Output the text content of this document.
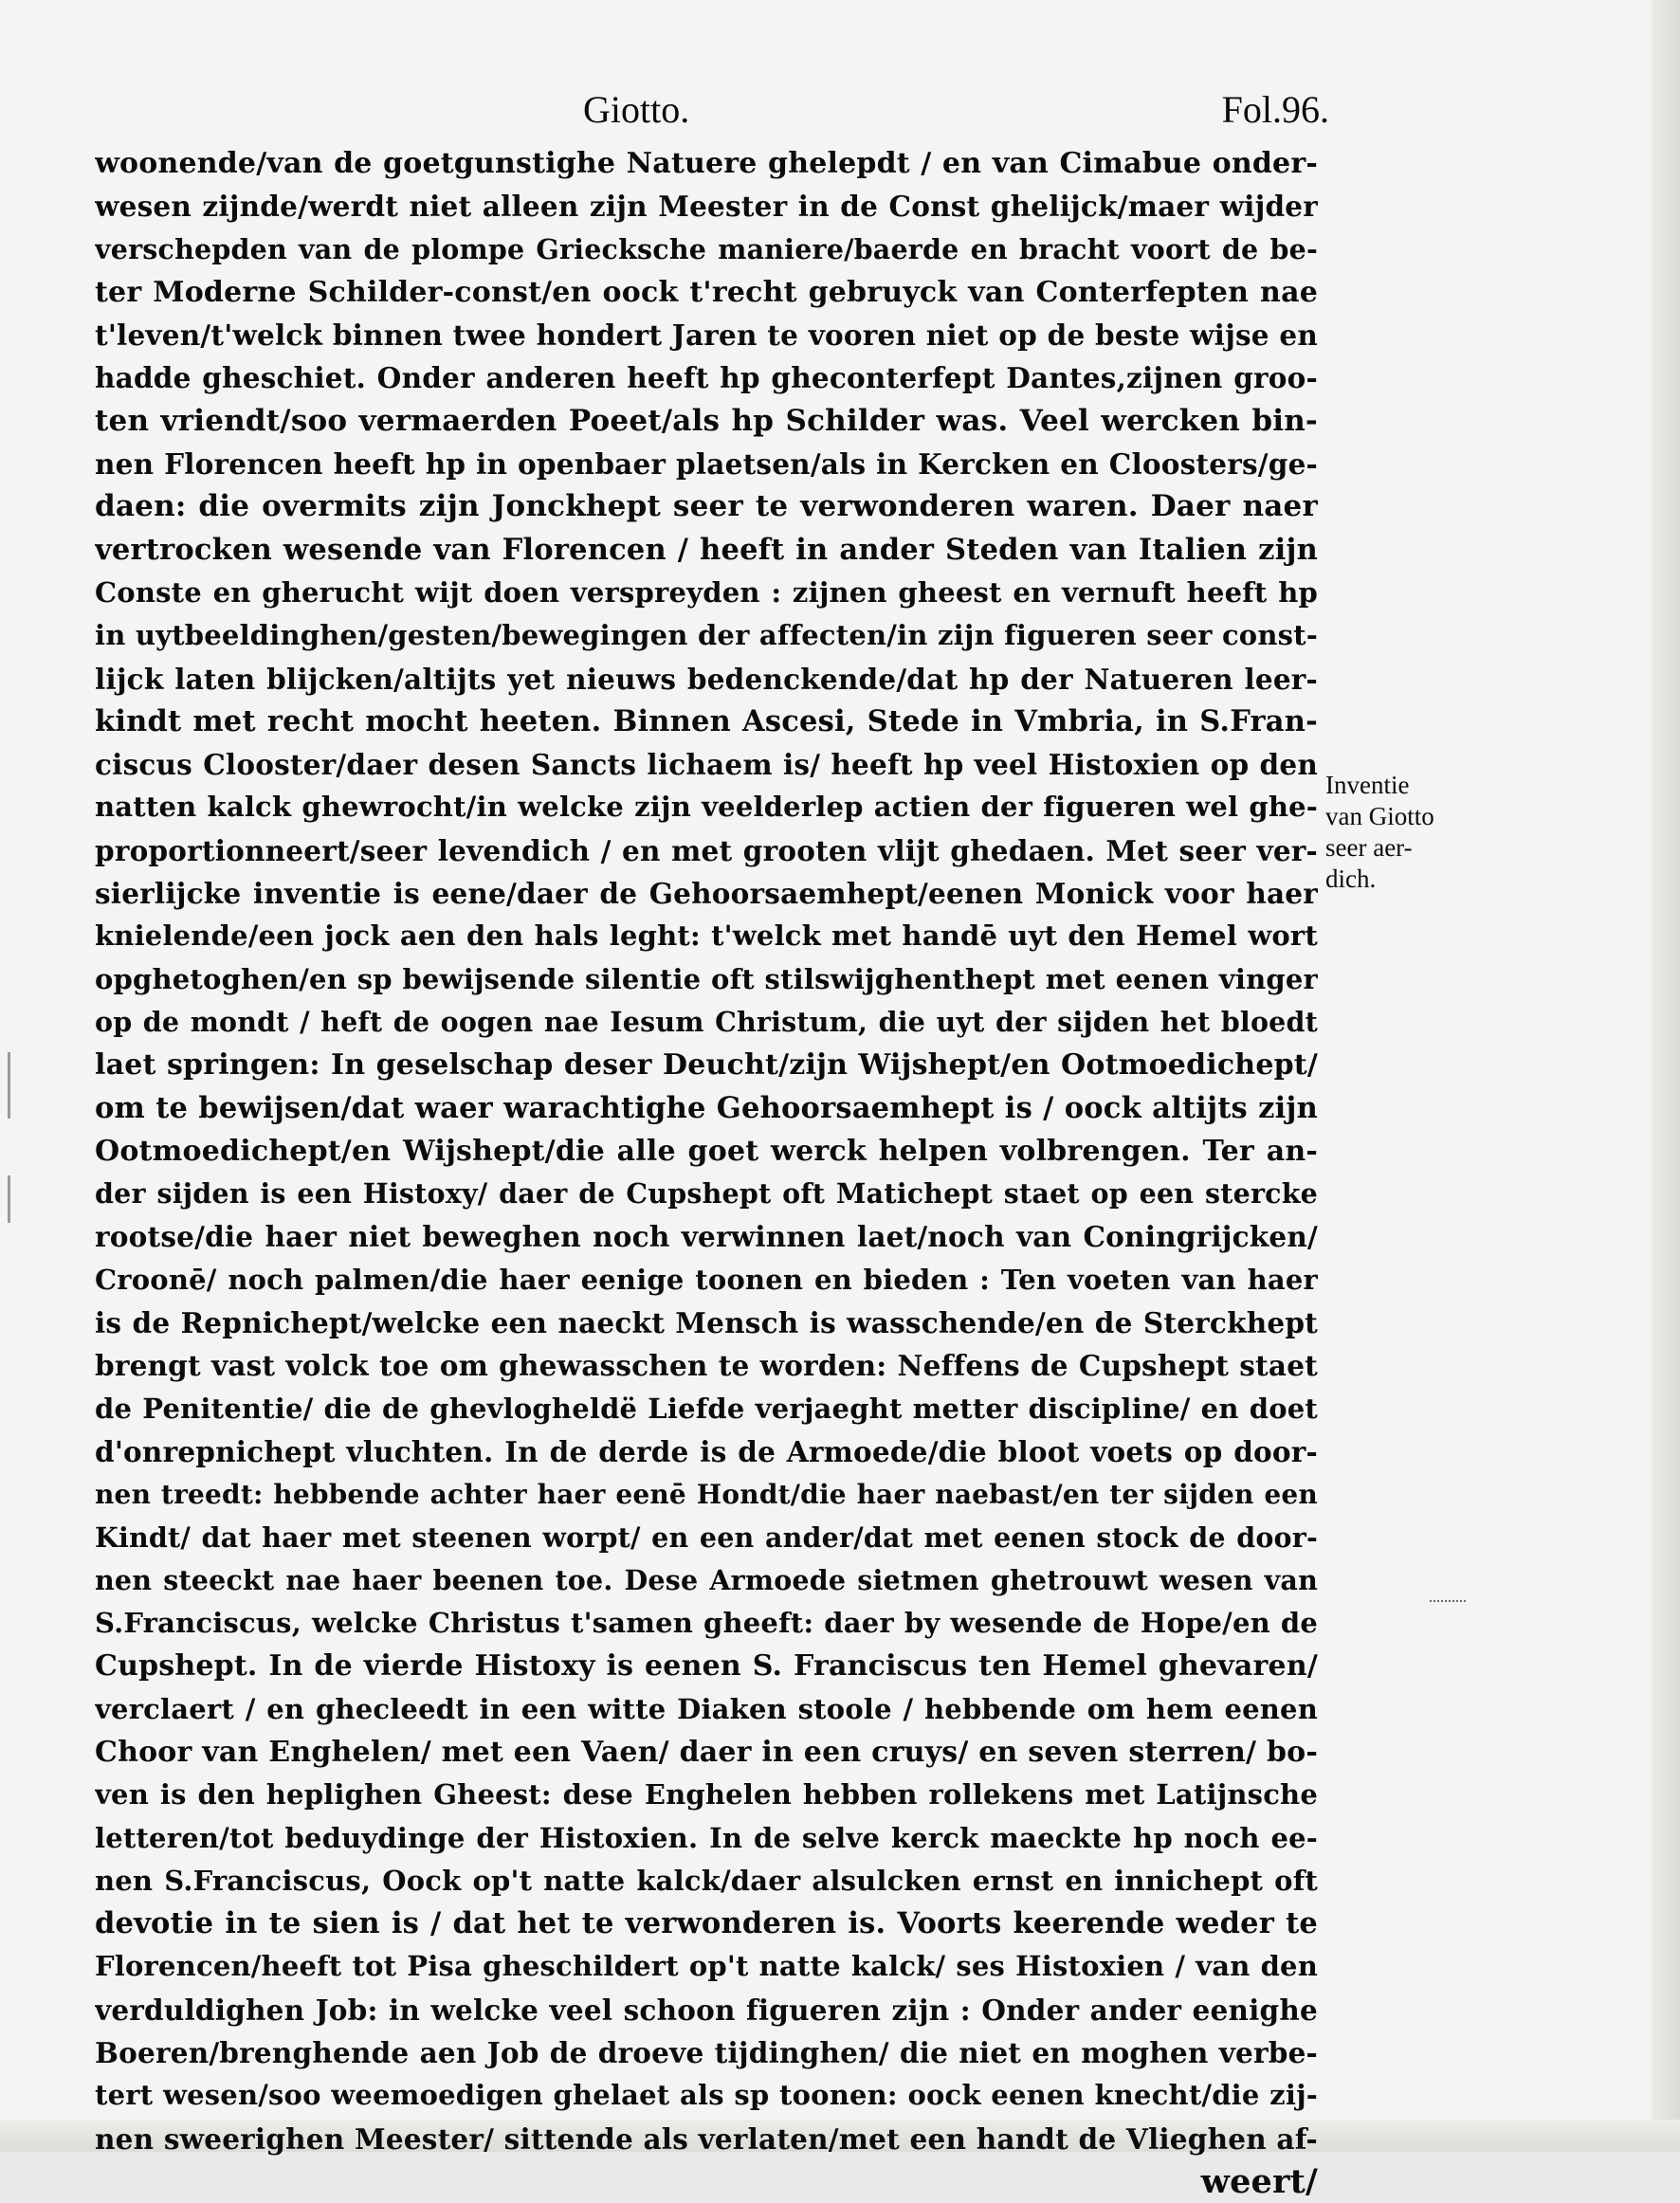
Giotto.	Fol.96.
woonende/van de goetgunstighe Natuere ghelepdt / en van Cimabue onder-
wesen zijnde/werdt niet alleen zijn Meester in de Const ghelijck/maer wijder
verschepden van de plompe Griecksche maniere/baerde en bracht voort de be-
ter Moderne Schilder-const/en oock t'recht gebruyck van Conterfepten nae
t'leven/t'welck binnen twee hondert Jaren te vooren niet op de beste wijse en
hadde gheschiet. Onder anderen heeft hp gheconterfept Dantes,zijnen groo-
ten vriendt/soo vermaerden Poeet/als hp Schilder was. Veel wercken bin-
nen Florencen heeft hp in openbaer plaetsen/als in Kercken en Cloosters/ge-
daen: die overmits zijn Jonckhept seer te verwonderen waren. Daer naer
vertrocken wesende van Florencen / heeft in ander Steden van Italien zijn
Conste en gherucht wijt doen verspreyden : zijnen gheest en vernuft heeft hp
in uytbeeldinghen/gesten/bewegingen der affecten/in zijn figueren seer const-
lijck laten blijcken/altijts yet nieuws bedenckende/dat hp der Natueren leer-
kindt met recht mocht heeten. Binnen Ascesi, Stede in Vmbria, in S.Fran-
ciscus Clooster/daer desen Sancts lichaem is/ heeft hp veel Histoxien op den
natten kalck ghewrocht/in welcke zijn veelderlep actien der figueren wel ghe-
proportionneert/seer levendich / en met grooten vlijt ghedaen. Met seer ver-
sierlijcke inventie is eene/daer de Gehoorsaemhept/eenen Monick voor haer
knielende/een jock aen den hals leght: t'welck met handē uyt den Hemel wort
opghetoghen/en sp bewijsende silentie oft stilswijghenthept met eenen vinger
op de mondt / heft de oogen nae Iesum Christum, die uyt der sijden het bloedt
laet springen: In geselschap deser Deucht/zijn Wijshept/en Ootmoedichept/
om te bewijsen/dat waer warachtighe Gehoorsaemhept is / oock altijts zijn
Ootmoedichept/en Wijshept/die alle goet werck helpen volbrengen. Ter an-
der sijden is een Histoxy/ daer de Cupshept oft Matichept staet op een stercke
rootse/die haer niet beweghen noch verwinnen laet/noch van Coningrijcken/
Croonē/ noch palmen/die haer eenige toonen en bieden : Ten voeten van haer
is de Repnichept/welcke een naeckt Mensch is wasschende/en de Sterckhept
brengt vast volck toe om ghewasschen te worden: Neffens de Cupshept staet
de Penitentie/ die de ghevlogheldë Liefde verjaeght metter discipline/ en doet
d'onrepnichept vluchten. In de derde is de Armoede/die bloot voets op door-
nen treedt: hebbende achter haer eenē Hondt/die haer naebast/en ter sijden een
Kindt/ dat haer met steenen worpt/ en een ander/dat met eenen stock de door-
nen steeckt nae haer beenen toe. Dese Armoede sietmen ghetrouwt wesen van
S.Franciscus, welcke Christus t'samen gheeft: daer by wesende de Hope/en de
Cupshept. In de vierde Histoxy is eenen S. Franciscus ten Hemel ghevaren/
verclaert / en ghecleedt in een witte Diaken stoole / hebbende om hem eenen
Choor van Enghelen/ met een Vaen/ daer in een cruys/ en seven sterren/ bo-
ven is den heplighen Gheest: dese Enghelen hebben rollekens met Latijnsche
letteren/tot beduydinge der Histoxien. In de selve kerck maeckte hp noch ee-
nen S.Franciscus, Oock op't natte kalck/daer alsulcken ernst en innichept oft
devotie in te sien is / dat het te verwonderen is. Voorts keerende weder te
Florencen/heeft tot Pisa gheschildert op't natte kalck/ ses Histoxien / van den
verduldighen Job: in welcke veel schoon figueren zijn : Onder ander eenighe
Boeren/brenghende aen Job de droeve tijdinghen/ die niet en moghen verbe-
tert wesen/soo weemoedigen ghelaet als sp toonen: oock eenen knecht/die zij-
nen sweerighen Meester/ sittende als verlaten/met een handt de Vlieghen af-
weert/
Inventie
van Giotto
seer aer-
dich.
